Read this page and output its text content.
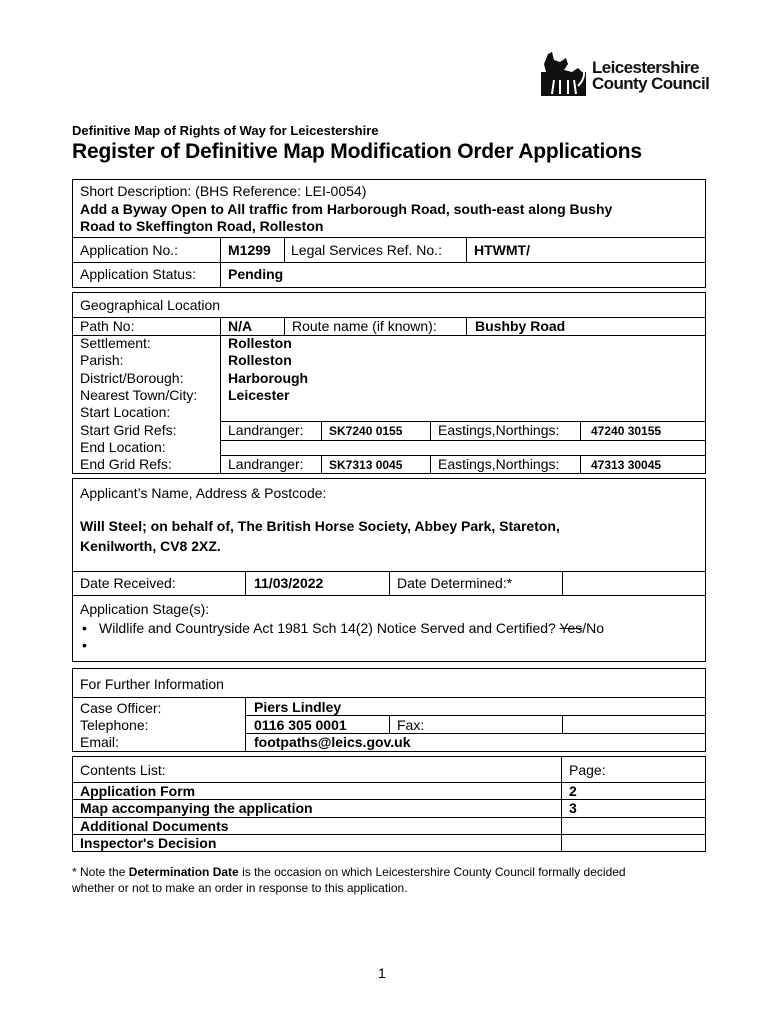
Leicestershire
County Council
Definitive Map of Rights of Way for Leicestershire
Register of Definitive Map Modification Order Applications
Short Description: (BHS Reference: LEI-0054)
Add a Byway Open to All traffic from Harborough Road, south-east along Bushy
Road to Skeffington Road, Rolleston
Application No.:	M1299 Legal Services Ref. No.: HTWMT/
Application Status: Pending
Geographical Location
Path No:	N/A	Route name (if known):	Bushby Road
Settlement:	Rolleston
Parish:	Rolleston
District/Borough:	Harborough
Nearest Town/City: Leicester
Start Location:
Start Grid Refs:	Landranger: SK7240 0155	Eastings,Northings:	47240 30155
End Location:
End Grid Refs:	Landranger: SK7313 0045	Eastings,Northings:	47313 30045
Applicant’s Name, Address & Postcode:
Will Steel; on behalf of, The British Horse Society, Abbey Park, Stareton,
Kenilworth, CV8 2XZ.
Date Received:	11/03/2022	Date Determined:*
Application Stage(s):
• Wildlife and Countryside Act 1981 Sch 14(2) Notice Served and Certified? Yes/No
•
For Further Information
Case Officer:	Piers Lindley
Telephone:	0116 305 0001	Fax:
Email:	footpaths@leics.gov.uk
Contents List:	Page:
Application Form	2
Map accompanying the application	3
Additional Documents
Inspector's Decision
* Note the Determination Date is the occasion on which Leicestershire County Council formally decided
whether or not to make an order in response to this application.
1
